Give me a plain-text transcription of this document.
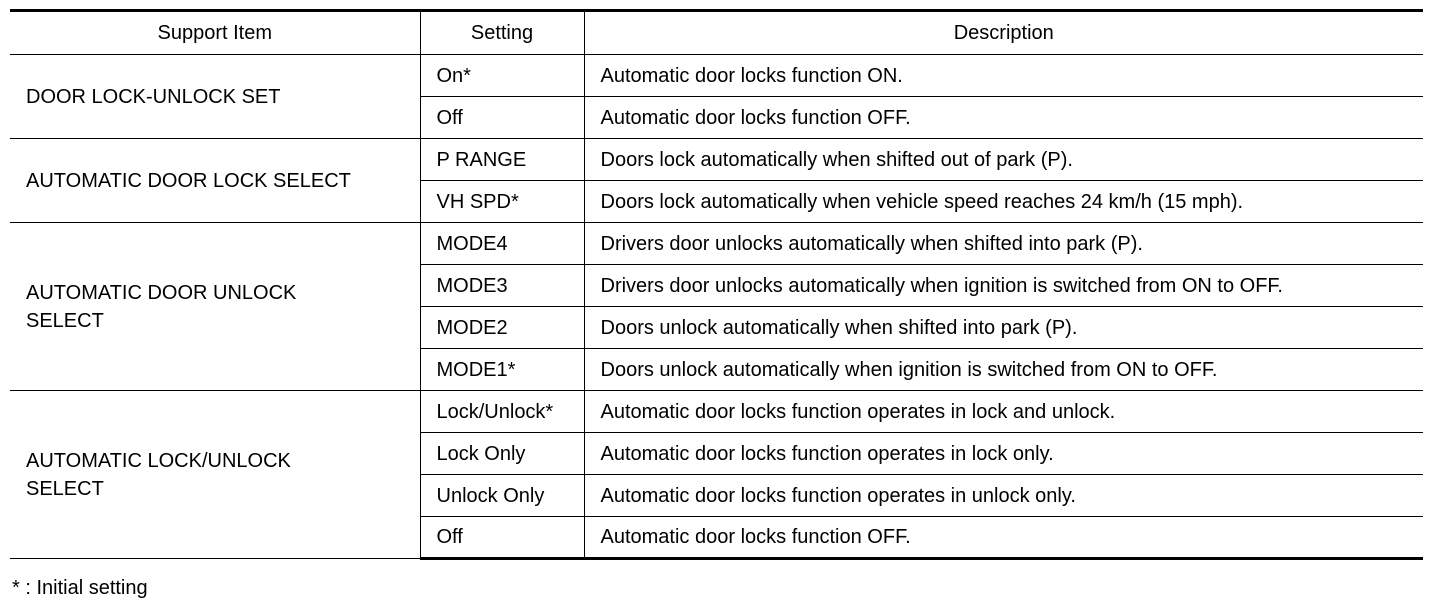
Support Item	Setting	Description

DOOR LOCK-UNLOCK SET	On*	Automatic door locks function ON.
	Off	Automatic door locks function OFF.

AUTOMATIC DOOR LOCK SELECT	P RANGE	Doors lock automatically when shifted out of park (P).
	VH SPD*	Doors lock automatically when vehicle speed reaches 24 km/h (15 mph).

AUTOMATIC DOOR UNLOCK SELECT	MODE4	Drivers door unlocks automatically when shifted into park (P).
	MODE3	Drivers door unlocks automatically when ignition is switched from ON to OFF.
	MODE2	Doors unlock automatically when shifted into park (P).
	MODE1*	Doors unlock automatically when ignition is switched from ON to OFF.

AUTOMATIC LOCK/UNLOCK SELECT	Lock/Unlock*	Automatic door locks function operates in lock and unlock.
	Lock Only	Automatic door locks function operates in lock only.
	Unlock Only	Automatic door locks function operates in unlock only.
	Off	Automatic door locks function OFF.
* : Initial setting
